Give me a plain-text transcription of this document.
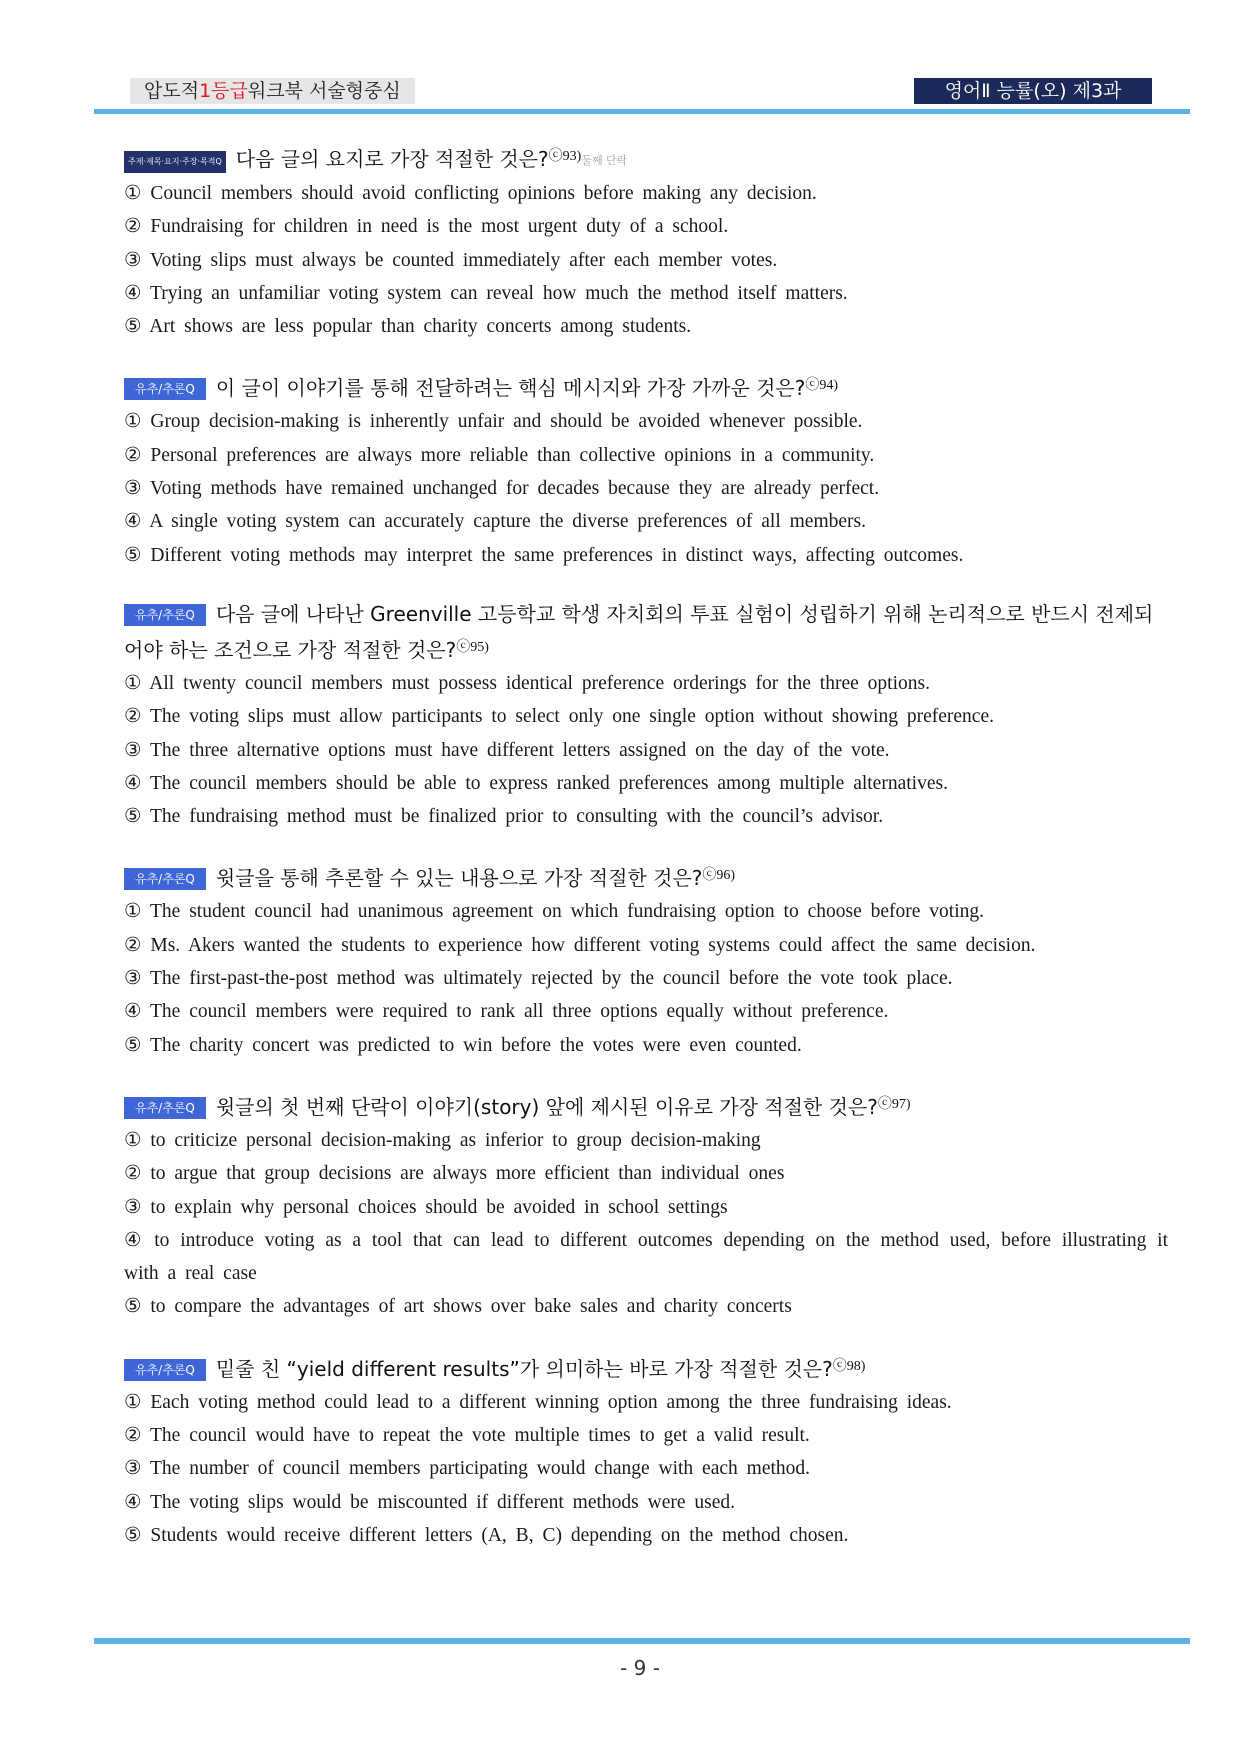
압도적1등급워크북 서술형중심	영어Ⅱ 능률(오) 제3과
주제·제목·요지·주장·목적Q 다음 글의 요지로 가장 적절한 것은?$^{ⓒ93)}$둘째 단락
① Council members should avoid conflicting opinions before making any decision.
② Fundraising for children in need is the most urgent duty of a school.
③ Voting slips must always be counted immediately after each member votes.
④ Trying an unfamiliar voting system can reveal how much the method itself matters.
⑤ Art shows are less popular than charity concerts among students.
유추/추론Q 이 글이 이야기를 통해 전달하려는 핵심 메시지와 가장 가까운 것은?$^{ⓒ94)}$
① Group decision-making is inherently unfair and should be avoided whenever possible.
② Personal preferences are always more reliable than collective opinions in a community.
③ Voting methods have remained unchanged for decades because they are already perfect.
④ A single voting system can accurately capture the diverse preferences of all members.
⑤ Different voting methods may interpret the same preferences in distinct ways, affecting outcomes.
유추/추론Q 다음 글에 나타난 Greenville 고등학교 학생 자치회의 투표 실험이 성립하기 위해 논리적으로 반드시 전제되어야 하는 조건으로 가장 적절한 것은?$^{ⓒ95)}$
① All twenty council members must possess identical preference orderings for the three options.
② The voting slips must allow participants to select only one single option without showing preference.
③ The three alternative options must have different letters assigned on the day of the vote.
④ The council members should be able to express ranked preferences among multiple alternatives.
⑤ The fundraising method must be finalized prior to consulting with the council’s advisor.
유추/추론Q 윗글을 통해 추론할 수 있는 내용으로 가장 적절한 것은?$^{ⓒ96)}$
① The student council had unanimous agreement on which fundraising option to choose before voting.
② Ms. Akers wanted the students to experience how different voting systems could affect the same decision.
③ The first-past-the-post method was ultimately rejected by the council before the vote took place.
④ The council members were required to rank all three options equally without preference.
⑤ The charity concert was predicted to win before the votes were even counted.
유추/추론Q 윗글의 첫 번째 단락이 이야기(story) 앞에 제시된 이유로 가장 적절한 것은?$^{ⓒ97)}$
① to criticize personal decision-making as inferior to group decision-making
② to argue that group decisions are always more efficient than individual ones
③ to explain why personal choices should be avoided in school settings
④ to introduce voting as a tool that can lead to different outcomes depending on the method used, before illustrating it with a real case
⑤ to compare the advantages of art shows over bake sales and charity concerts
유추/추론Q 밑줄 친 “yield different results”가 의미하는 바로 가장 적절한 것은?$^{ⓒ98)}$
① Each voting method could lead to a different winning option among the three fundraising ideas.
② The council would have to repeat the vote multiple times to get a valid result.
③ The number of council members participating would change with each method.
④ The voting slips would be miscounted if different methods were used.
⑤ Students would receive different letters (A, B, C) depending on the method chosen.
- 9 -
